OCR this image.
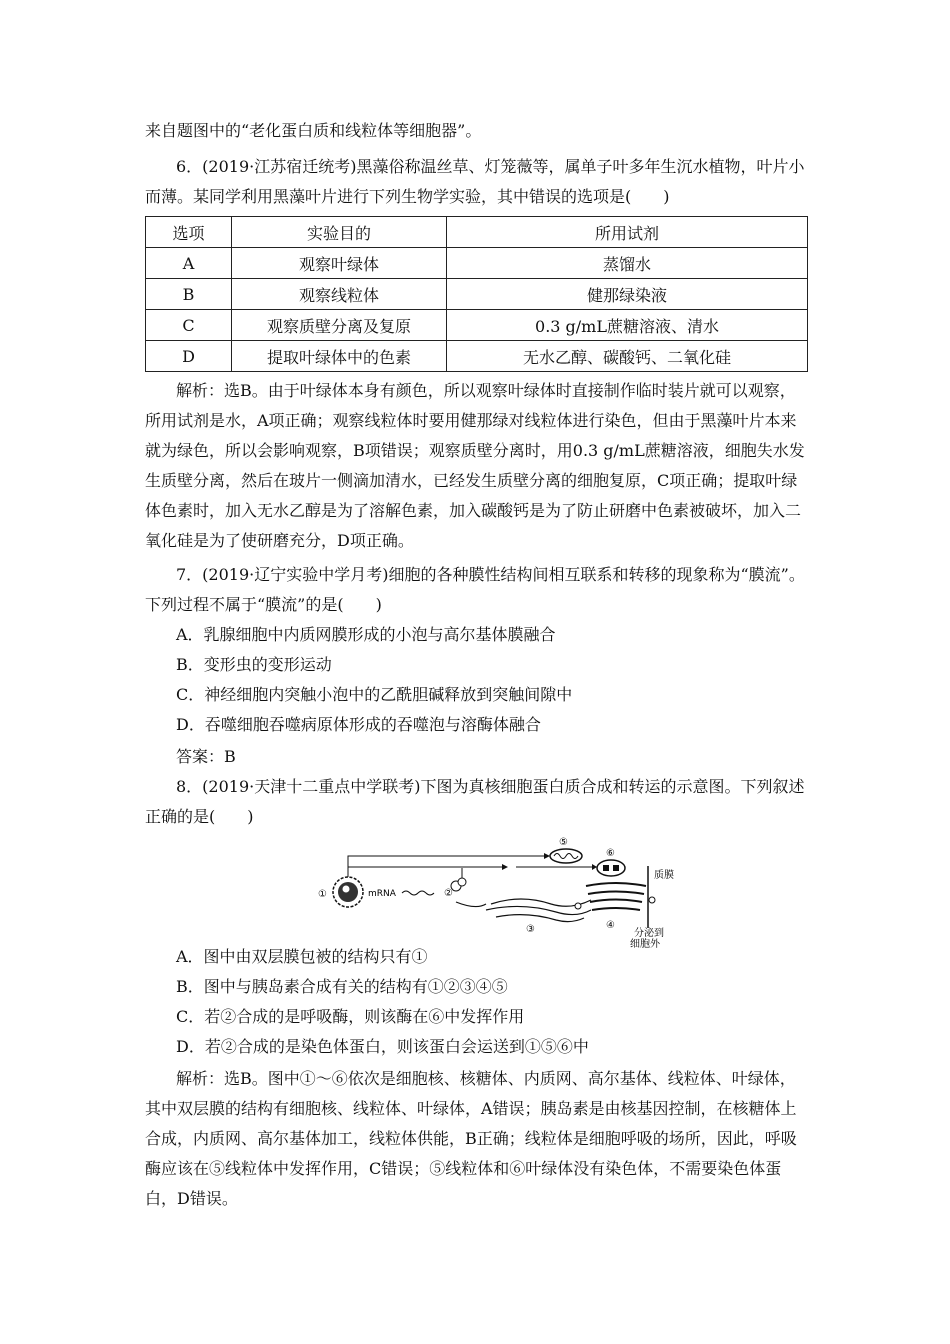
来自题图中的“老化蛋白质和线粒体等细胞器”。

6．(2019·江苏宿迁统考)黑藻俗称温丝草、灯笼薇等，属单子叶多年生沉水植物，叶片小而薄。某同学利用黑藻叶片进行下列生物学实验，其中错误的选项是(　　)

选项	实验目的	所用试剂
A	观察叶绿体	蒸馏水
B	观察线粒体	健那绿染液
C	观察质壁分离及复原	0.3 g/mL蔗糖溶液、清水
D	提取叶绿体中的色素	无水乙醇、碳酸钙、二氧化硅

解析：选B。由于叶绿体本身有颜色，所以观察叶绿体时直接制作临时装片就可以观察，所用试剂是水，A项正确；观察线粒体时要用健那绿对线粒体进行染色，但由于黑藻叶片本来就为绿色，所以会影响观察，B项错误；观察质壁分离时，用0.3 g/mL蔗糖溶液，细胞失水发生质壁分离，然后在玻片一侧滴加清水，已经发生质壁分离的细胞复原，C项正确；提取叶绿体色素时，加入无水乙醇是为了溶解色素，加入碳酸钙是为了防止研磨中色素被破坏，加入二氧化硅是为了使研磨充分，D项正确。

7．(2019·辽宁实验中学月考)细胞的各种膜性结构间相互联系和转移的现象称为“膜流”。下列过程不属于“膜流”的是(　　)

A．乳腺细胞中内质网膜形成的小泡与高尔基体膜融合

B．变形虫的变形运动

C．神经细胞内突触小泡中的乙酰胆碱释放到突触间隙中

D．吞噬细胞吞噬病原体形成的吞噬泡与溶酶体融合

答案：B

8．(2019·天津十二重点中学联考)下图为真核细胞蛋白质合成和转运的示意图。下列叙述正确的是(　　)

①	mRNA	②
③	④
质膜
分泌到
细胞外
⑤
⑥

A．图中由双层膜包被的结构只有①

B．图中与胰岛素合成有关的结构有①②③④⑤

C．若②合成的是呼吸酶，则该酶在⑥中发挥作用

D．若②合成的是染色体蛋白，则该蛋白会运送到①⑤⑥中

解析：选B。图中①～⑥依次是细胞核、核糖体、内质网、高尔基体、线粒体、叶绿体，其中双层膜的结构有细胞核、线粒体、叶绿体，A错误；胰岛素是由核基因控制，在核糖体上合成，内质网、高尔基体加工，线粒体供能，B正确；线粒体是细胞呼吸的场所，因此，呼吸酶应该在⑤线粒体中发挥作用，C错误；⑤线粒体和⑥叶绿体没有染色体，不需要染色体蛋白，D错误。
